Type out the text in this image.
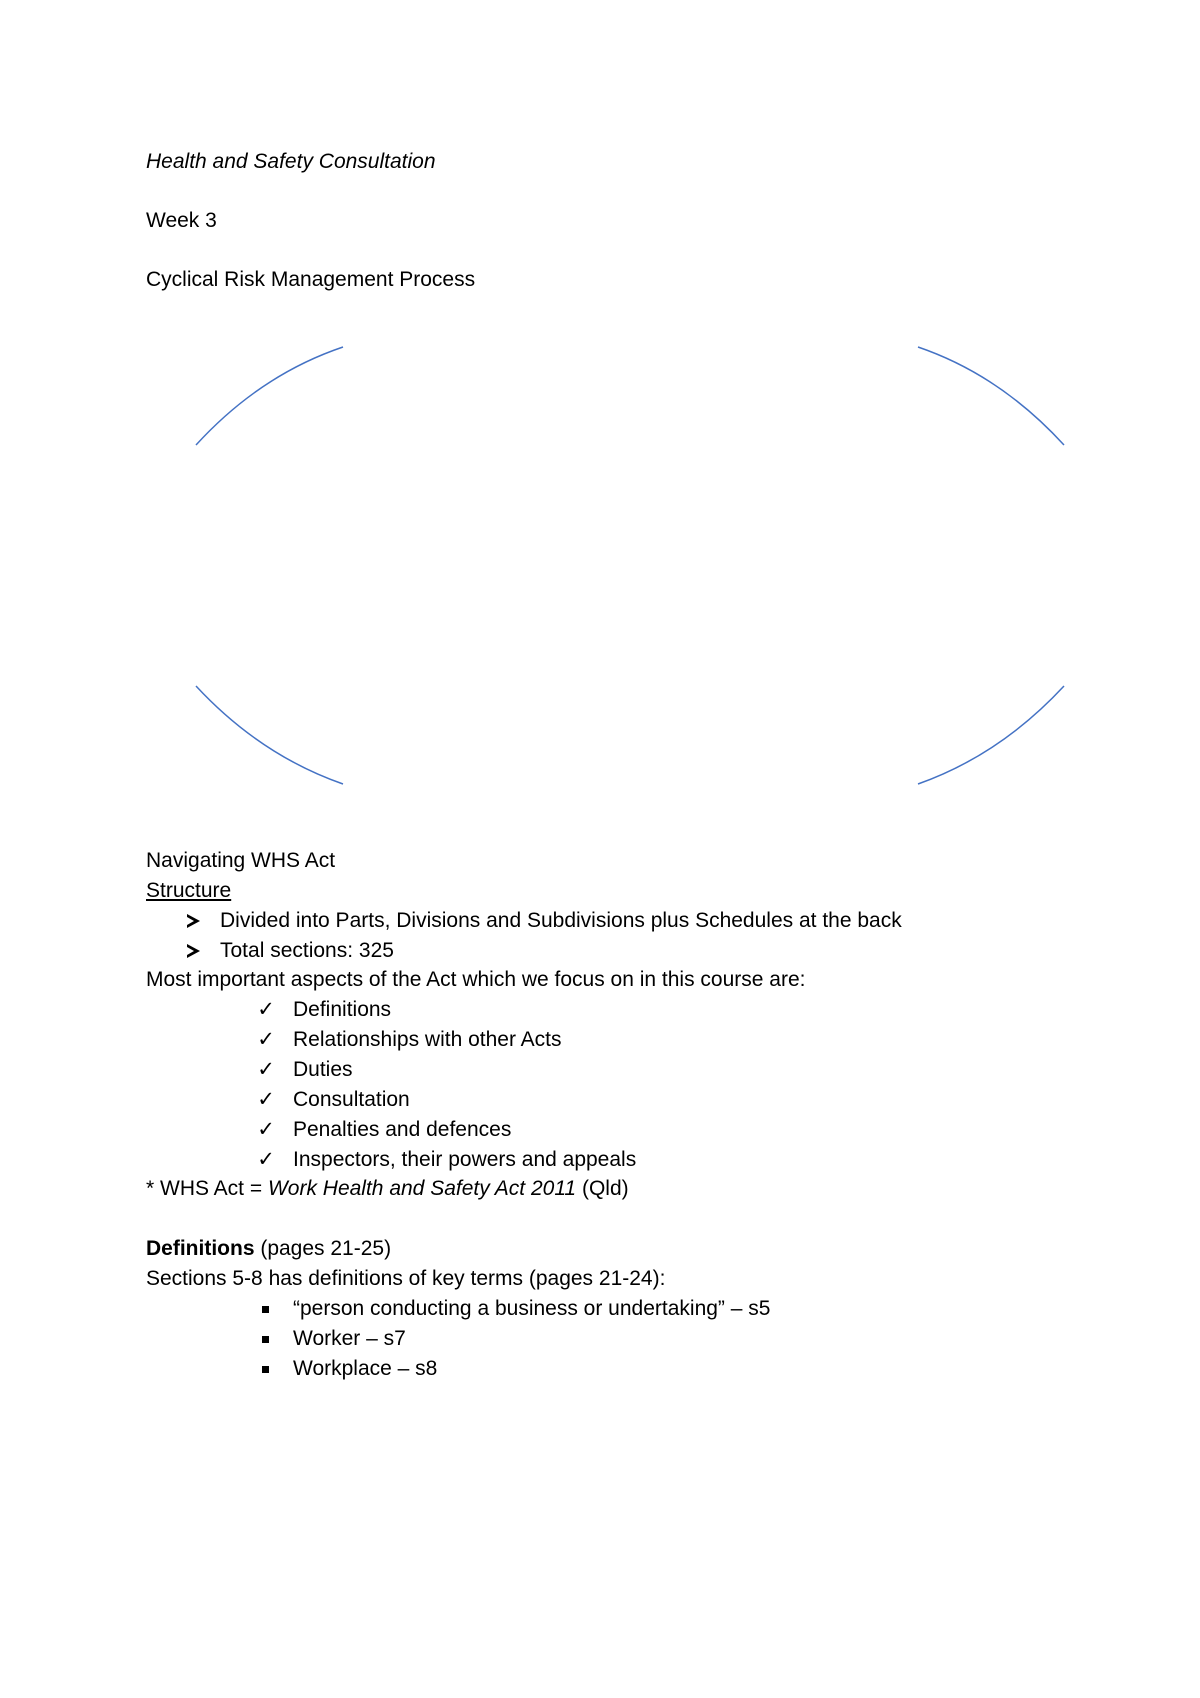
Health and Safety Consultation
Week 3
Cyclical Risk Management Process
Navigating WHS Act
Structure
Divided into Parts, Divisions and Subdivisions plus Schedules at the back
Total sections: 325
Most important aspects of the Act which we focus on in this course are:
✓ Definitions
✓ Relationships with other Acts
✓ Duties
✓ Consultation
✓ Penalties and defences
✓ Inspectors, their powers and appeals
* WHS Act = Work Health and Safety Act 2011 (Qld)
Definitions (pages 21-25)
Sections 5-8 has definitions of key terms (pages 21-24):
“person conducting a business or undertaking” – s5
Worker – s7
Workplace – s8
